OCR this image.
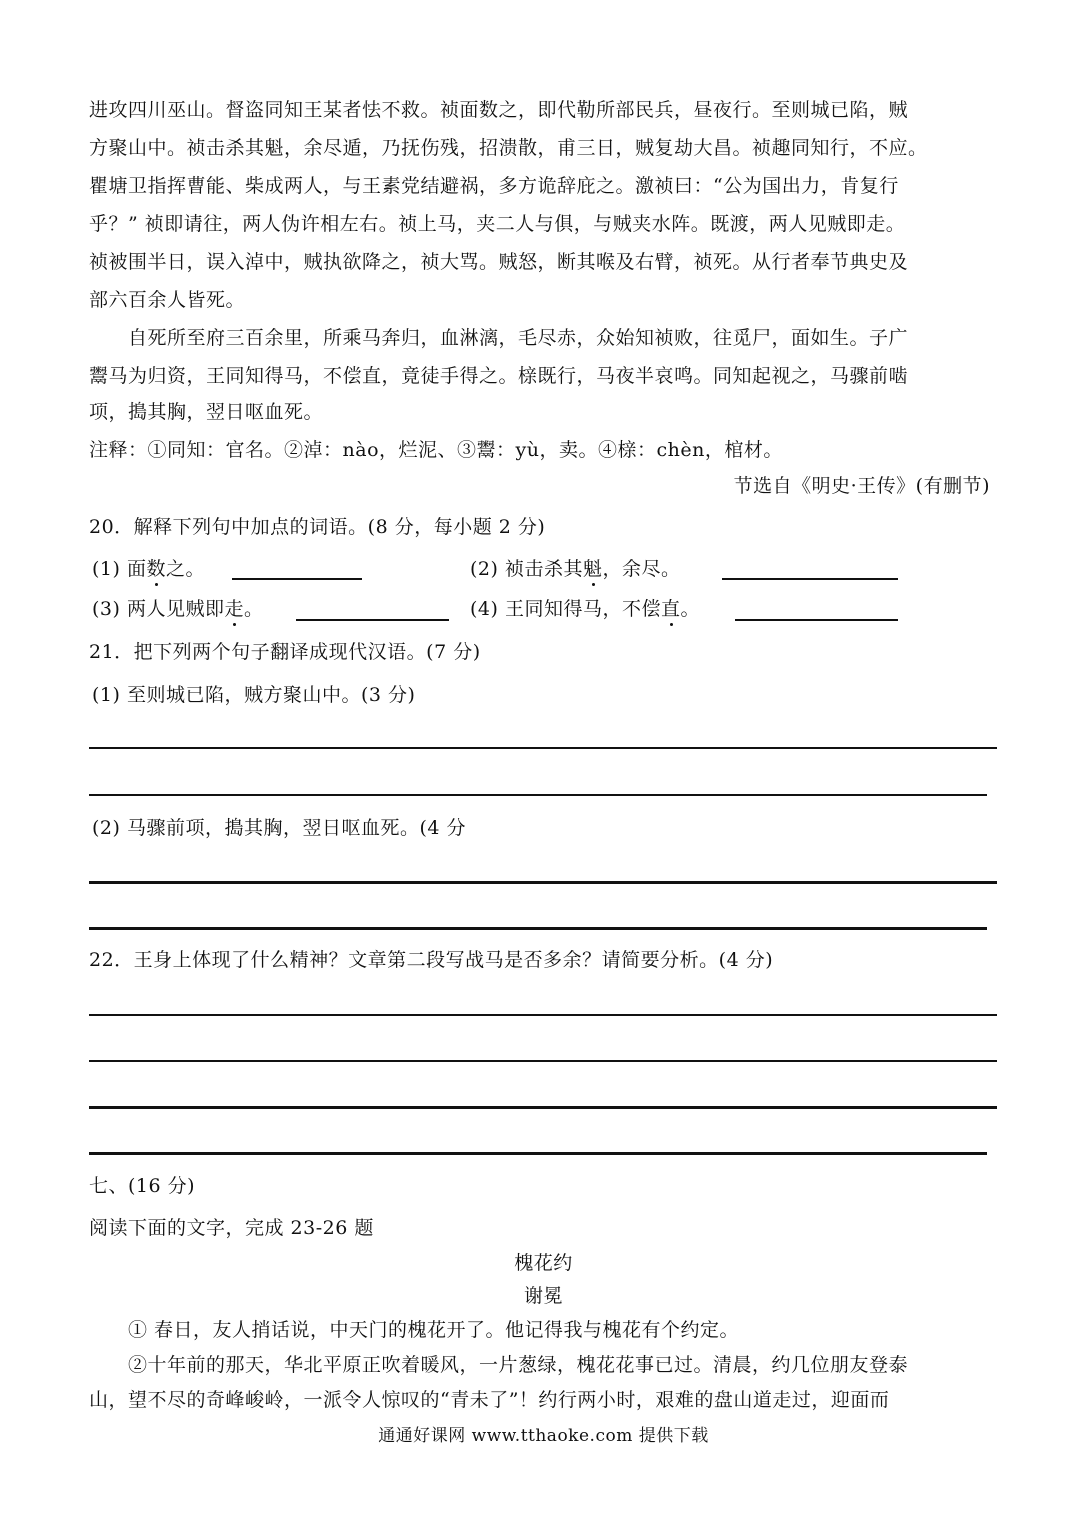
进攻四川巫山。督盗同知王某者怯不救。祯面数之，即代勒所部民兵，昼夜行。至则城已陷，贼
方聚山中。祯击杀其魁，余尽遁，乃抚伤残，招溃散，甫三日，贼复劫大昌。祯趣同知行，不应。
瞿塘卫指挥曹能、柴成两人，与王素党结避祸，多方诡辞庇之。激祯曰：“公为国出力，肯复行
乎？” 祯即请往，两人伪许相左右。祯上马，夹二人与俱，与贼夹水阵。既渡，两人见贼即走。
祯被围半日，误入淖中，贼执欲降之，祯大骂。贼怒，断其喉及右臂，祯死。从行者奉节典史及
部六百余人皆死。
　　自死所至府三百余里，所乘马奔归，血淋漓，毛尽赤，众始知祯败，往觅尸，面如生。子广
鬻马为归资，王同知得马，不偿直，竟徒手得之。榇既行，马夜半哀鸣。同知起视之，马骤前啮
项，搗其胸，翌日呕血死。
注释：①同知：官名。②淖：nào，烂泥、③鬻：yù，卖。④榇：chèn，棺材。
节选自《明史·王传》(有删节)
20．解释下列句中加点的词语。(8 分，每小题 2 分)
(1) 面数之。	(2) 祯击杀其魁，余尽。
(3) 两人见贼即走。	(4) 王同知得马，不偿直。
21．把下列两个句子翻译成现代汉语。(7 分)
(1) 至则城已陷，贼方聚山中。(3 分)
(2) 马骤前项，搗其胸，翌日呕血死。(4 分
22．王身上体现了什么精神？文章第二段写战马是否多余？请简要分析。(4 分)
七、(16 分)
阅读下面的文字，完成 23-26 题
槐花约
谢冕
　　① 春日，友人捎话说，中天门的槐花开了。他记得我与槐花有个约定。
　　②十年前的那天，华北平原正吹着暖风，一片葱绿，槐花花事已过。清晨，约几位朋友登泰
山，望不尽的奇峰峻岭，一派令人惊叹的“青未了”！约行两小时，艰难的盘山道走过，迎面而
通通好课网 www.tthaoke.com 提供下载
